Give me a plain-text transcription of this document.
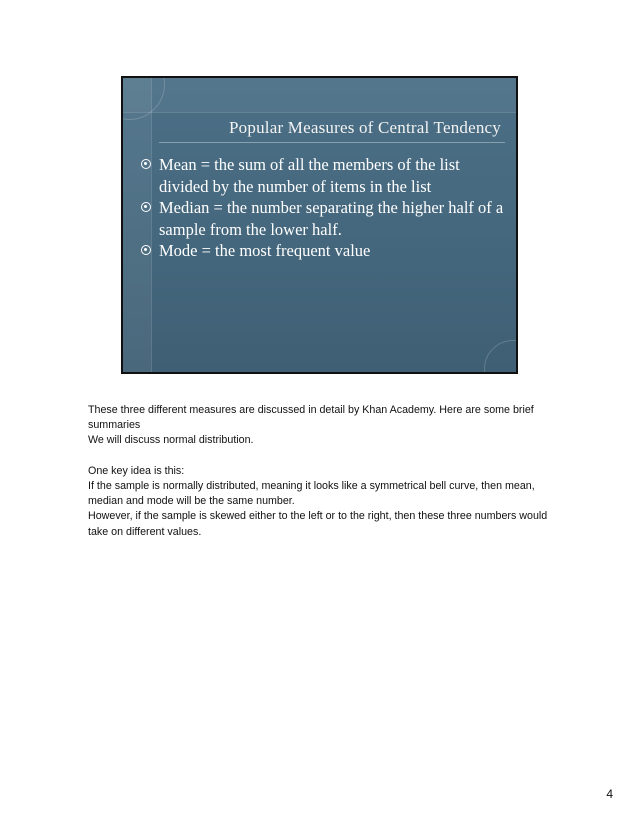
Popular Measures of Central Tendency
Mean = the sum of all the members of the list divided by the number of items in the list
Median = the number separating the higher half of a sample from the lower half.
Mode = the most frequent value

These three different measures are discussed in detail by Khan Academy. Here are some brief summaries

We will discuss normal distribution.

One key idea is this:

If the sample is normally distributed, meaning it looks like a symmetrical bell curve, then mean, median and mode will be the same number.

However, if the sample is skewed either to the left or to the right, then these three numbers would take on different values.

4
